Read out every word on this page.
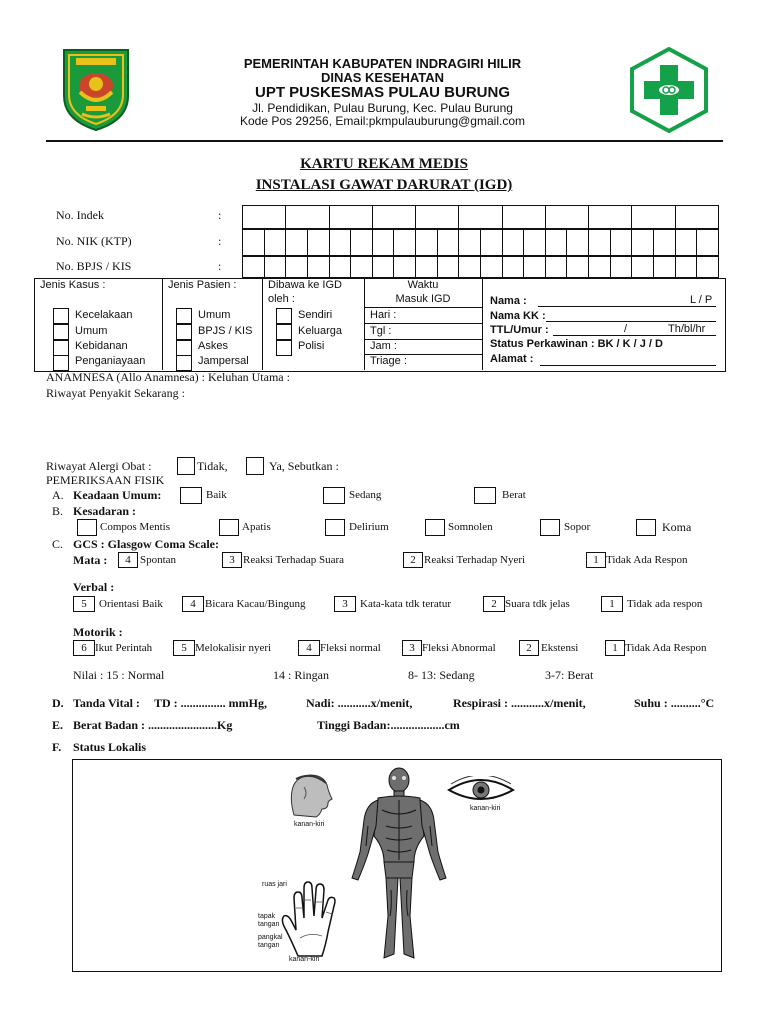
PEMERINTAH KABUPATEN INDRAGIRI HILIR
DINAS KESEHATAN
UPT PUSKESMAS PULAU BURUNG
Jl. Pendidikan, Pulau Burung, Kec. Pulau Burung
Kode Pos 29256, Email:pkmpulauburung@gmail.com
KARTU REKAM MEDIS
INSTALASI GAWAT DARURAT (IGD)
No. Indek	:

No. NIK (KTP)	:

No. BPJS / KIS	:

Jenis Kasus :
Kecelakaan
Umum
Kebidanan
Penganiayaan
Jenis Pasien :
Umum
BPJS / KIS
Askes
Jampersal
Dibawa ke IGD
oleh :
Sendiri
Keluarga
Polisi
Waktu
Masuk IGD
Hari :
Tgl :
Jam :
Triage :
Nama :	L / P
Nama KK :
TTL/Umur :	/	Th/bl/hr
Status Perkawinan : BK / K / J / D
Alamat :
ANAMNESA (Allo Anamnesa) : Keluhan Utama :
Riwayat Penyakit Sekarang :
Riwayat Alergi Obat :	Tidak,	Ya, Sebutkan :
PEMERIKSAAN FISIK
A. Keadaan Umum:	Baik	Sedang	Berat
B. Kesadaran :
Compos Mentis	Apatis	Delirium	Somnolen	Sopor	Koma
C. GCS : Glasgow Coma Scale:
Mata :	4 Spontan	3 Reaksi Terhadap Suara	2 Reaksi Terhadap Nyeri	1 Tidak Ada Respon
Verbal :
5	Orientasi Baik	4 Bicara Kacau/Bingung	3	Kata-kata tdk teratur	2 Suara tdk jelas	1	Tidak ada respon
Motorik :
6 Ikut Perintah	5 Melokalisir nyeri	4 Fleksi normal	3 Fleksi Abnormal	2 Ekstensi	1 Tidak Ada Respon
Nilai : 15 : Normal	14 : Ringan	8- 13: Sedang	3-7: Berat
D. Tanda Vital : TD : ............... mmHg,	Nadi: ...........x/menit,	Respirasi : ...........x/menit,	Suhu : ..........°C
E. Berat Badan : .......................Kg	Tinggi Badan:..................cm
F. Status Lokalis
kanan-kiri
kanan-kiri
ruas jari
tapak
tangan
pangkal
tangan
kanan-kiri
